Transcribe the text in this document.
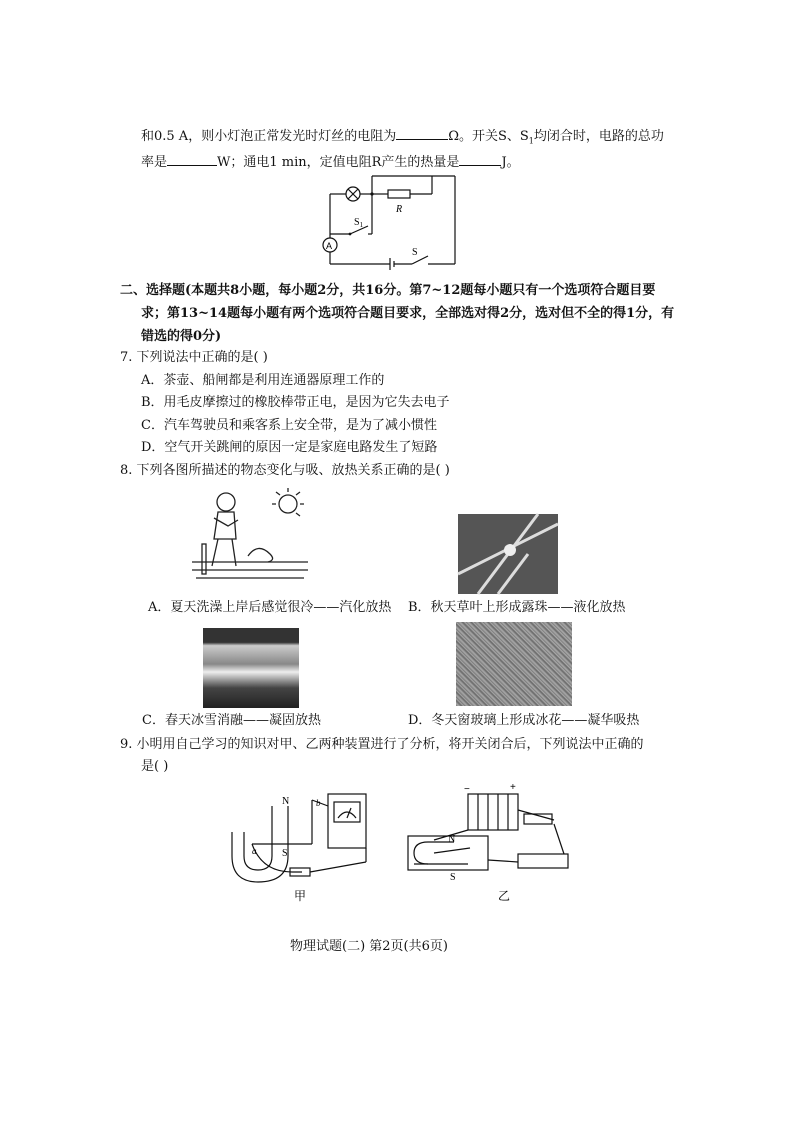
和0.5 A，则小灯泡正常发光时灯丝的电阻为	Ω。开关S、$S_1$均闭合时，电路的总功
率是	W；通电1 min，定值电阻R产生的热量是	J。
R
$S_1$
A
S
二、选择题(本题共8小题，每小题2分，共16分。第7~12题每小题只有一个选项符合题目要
求；第13~14题每小题有两个选项符合题目要求，全部选对得2分，选对但不全的得1分，有
错选的得0分)
7. 下列说法中正确的是( )
A．茶壶、船闸都是利用连通器原理工作的
B．用毛皮摩擦过的橡胶棒带正电，是因为它失去电子
C．汽车驾驶员和乘客系上安全带，是为了减小惯性
D．空气开关跳闸的原因一定是家庭电路发生了短路
8. 下列各图所描述的物态变化与吸、放热关系正确的是( )
A．夏天洗澡上岸后感觉很冷——汽化放热 B．秋天草叶上形成露珠——液化放热
C．春天冰雪消融——凝固放热	D．冬天窗玻璃上形成冰花——凝华吸热
9. 小明用自己学习的知识对甲、乙两种装置进行了分析，将开关闭合后，下列说法中正确的
是( )
N
S
a
b
甲
−	+
N
S
乙
物理试题(二) 第2页(共6页)
